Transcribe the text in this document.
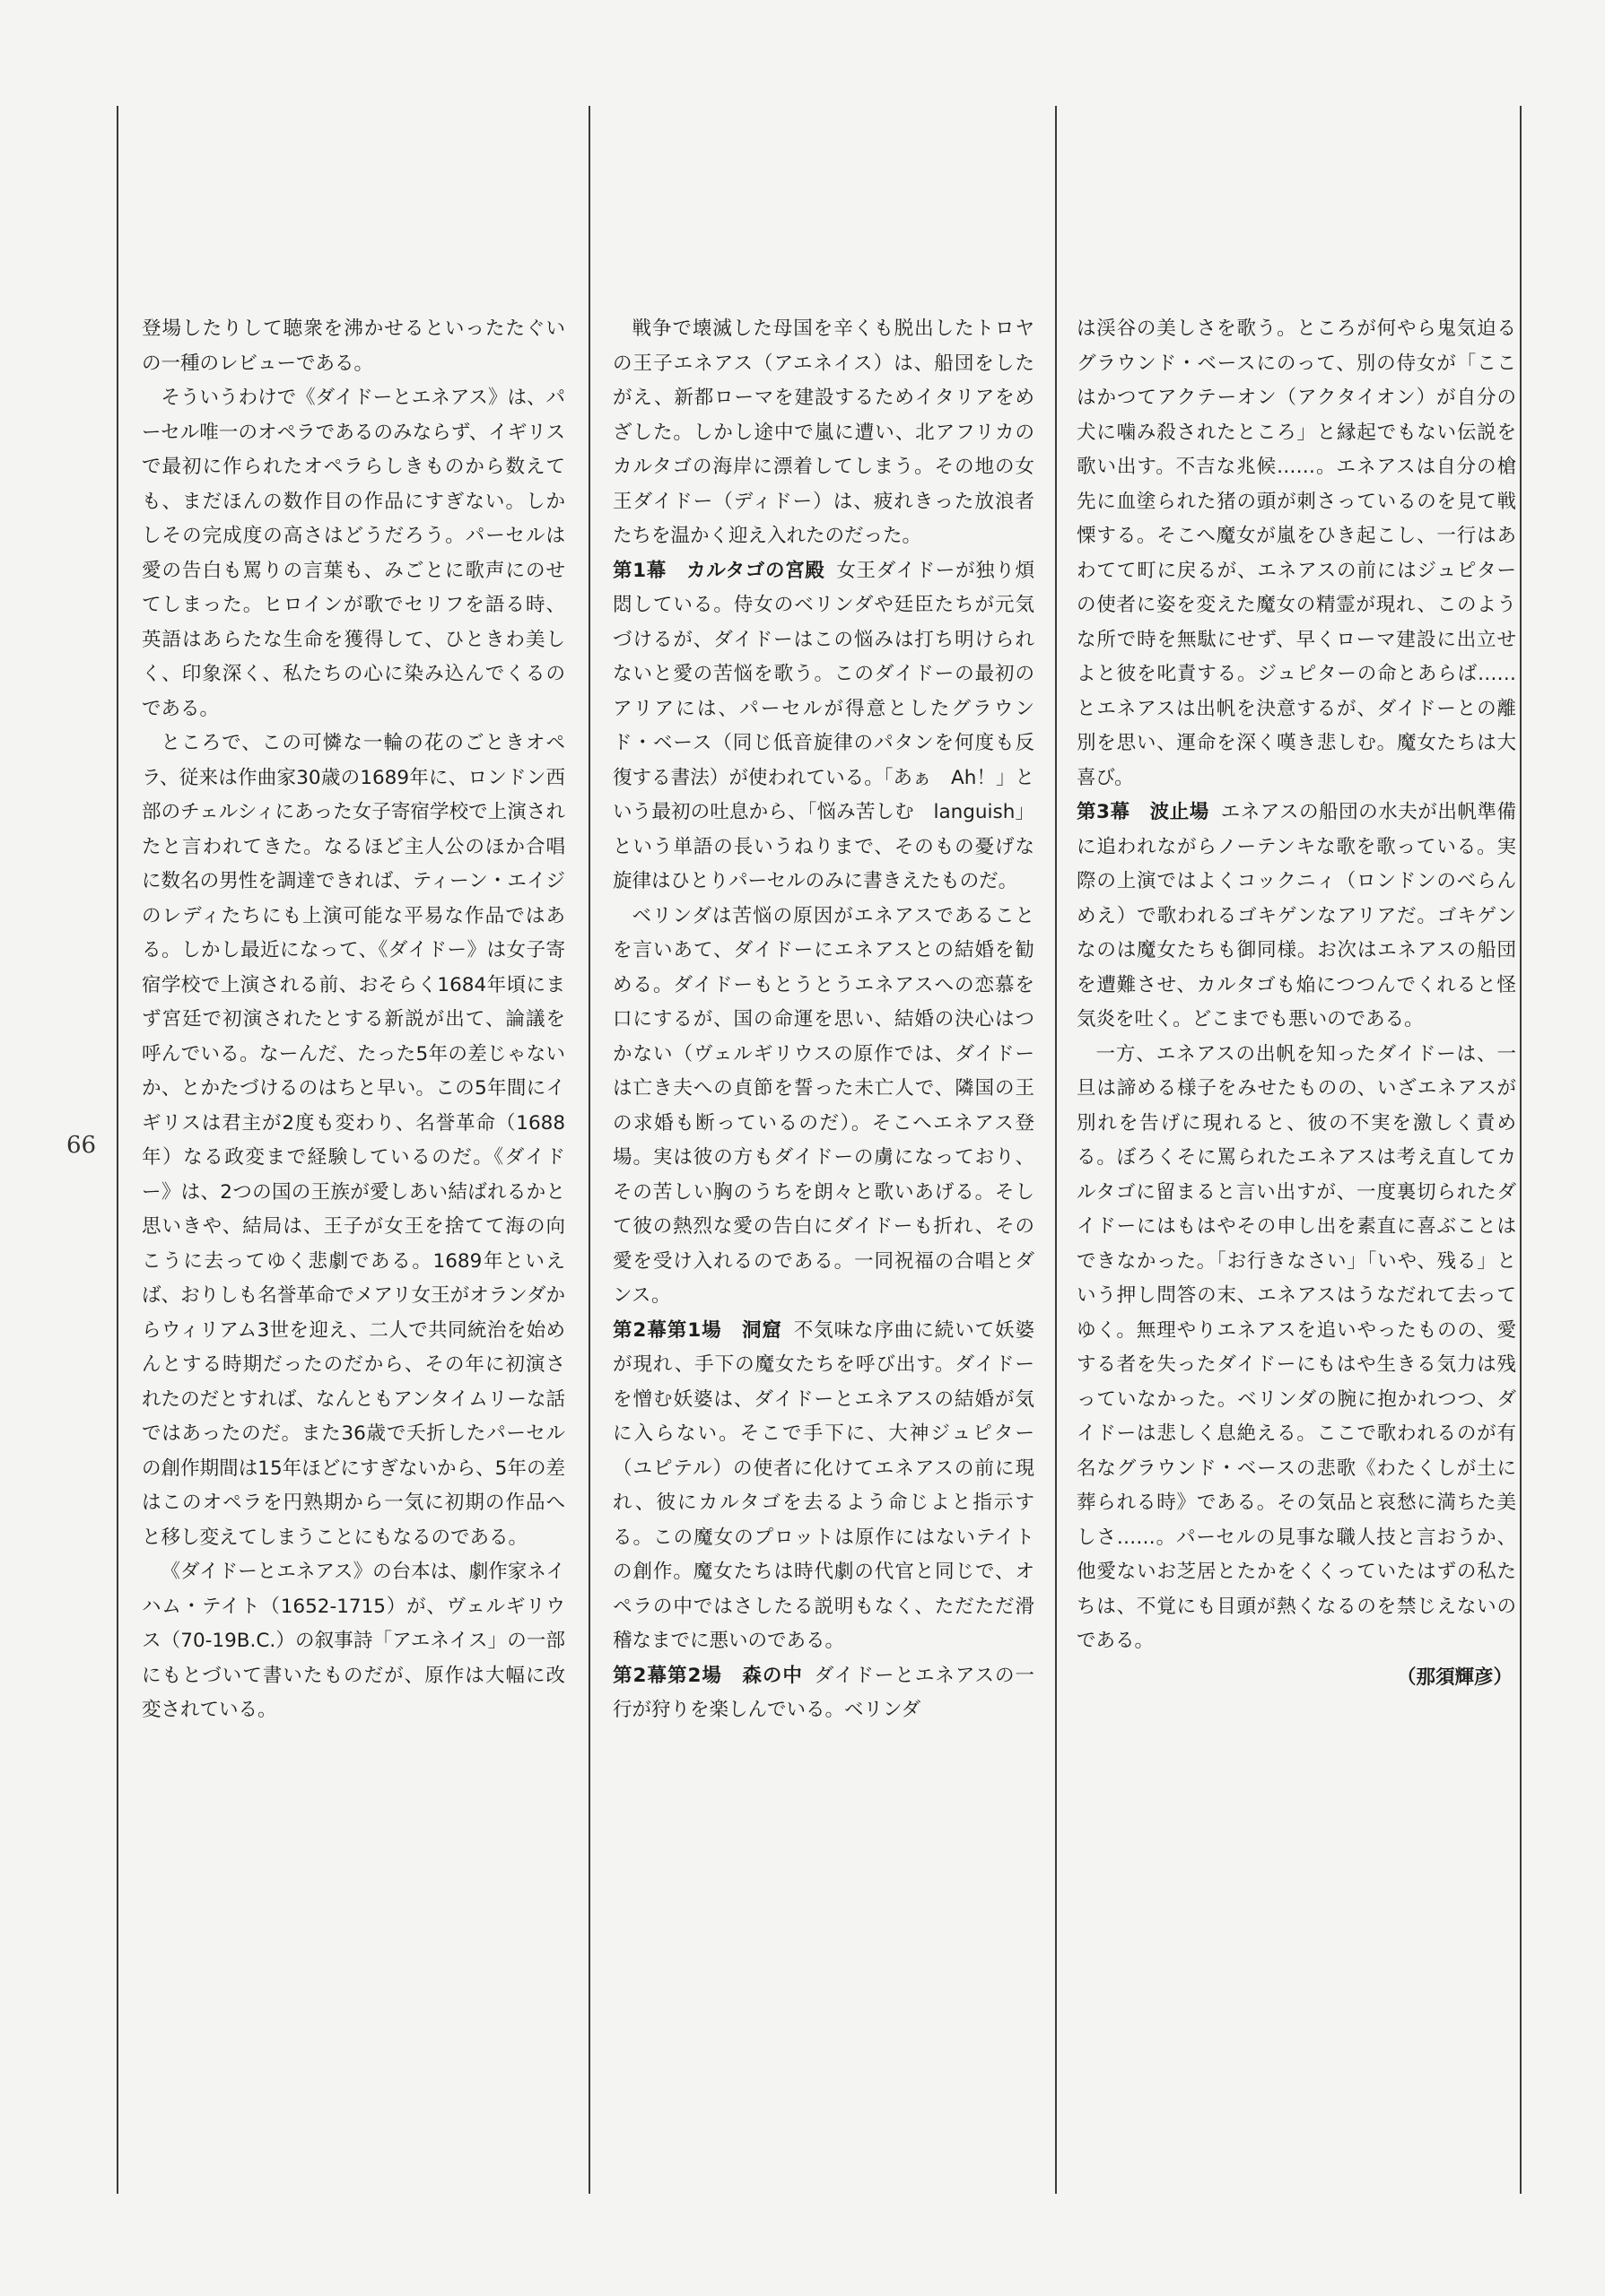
66

登場したりして聴衆を沸かせるといったたぐいの一種のレビューである。

そういうわけで《ダイドーとエネアス》は、パーセル唯一のオペラであるのみならず、イギリスで最初に作られたオペラらしきものから数えても、まだほんの数作目の作品にすぎない。しかしその完成度の高さはどうだろう。パーセルは愛の告白も罵りの言葉も、みごとに歌声にのせてしまった。ヒロインが歌でセリフを語る時、英語はあらたな生命を獲得して、ひときわ美しく、印象深く、私たちの心に染み込んでくるのである。

ところで、この可憐な一輪の花のごときオペラ、従来は作曲家30歳の1689年に、ロンドン西部のチェルシィにあった女子寄宿学校で上演されたと言われてきた。なるほど主人公のほか合唱に数名の男性を調達できれば、ティーン・エイジのレディたちにも上演可能な平易な作品ではある。しかし最近になって、《ダイドー》は女子寄宿学校で上演される前、おそらく1684年頃にまず宮廷で初演されたとする新説が出て、論議を呼んでいる。なーんだ、たった5年の差じゃないか、とかたづけるのはちと早い。この5年間にイギリスは君主が2度も変わり、名誉革命（1688年）なる政変まで経験しているのだ。《ダイドー》は、2つの国の王族が愛しあい結ばれるかと思いきや、結局は、王子が女王を捨てて海の向こうに去ってゆく悲劇である。1689年といえば、おりしも名誉革命でメアリ女王がオランダからウィリアム3世を迎え、二人で共同統治を始めんとする時期だったのだから、その年に初演されたのだとすれば、なんともアンタイムリーな話ではあったのだ。また36歳で夭折したパーセルの創作期間は15年ほどにすぎないから、5年の差はこのオペラを円熟期から一気に初期の作品へと移し変えてしまうことにもなるのである。

《ダイドーとエネアス》の台本は、劇作家ネイハム・テイト（1652-1715）が、ヴェルギリウス（70-19B.C.）の叙事詩「アエネイス」の一部にもとづいて書いたものだが、原作は大幅に改変されている。

戦争で壊滅した母国を辛くも脱出したトロヤの王子エネアス（アエネイス）は、船団をしたがえ、新都ローマを建設するためイタリアをめざした。しかし途中で嵐に遭い、北アフリカのカルタゴの海岸に漂着してしまう。その地の女王ダイドー（ディドー）は、疲れきった放浪者たちを温かく迎え入れたのだった。

第1幕　カルタゴの宮殿 女王ダイドーが独り煩悶している。侍女のベリンダや廷臣たちが元気づけるが、ダイドーはこの悩みは打ち明けられないと愛の苦悩を歌う。このダイドーの最初のアリアには、パーセルが得意としたグラウンド・ベース（同じ低音旋律のパタンを何度も反復する書法）が使われている。「あぁ　Ah！」という最初の吐息から、「悩み苦しむ　languish」という単語の長いうねりまで、そのもの憂げな旋律はひとりパーセルのみに書きえたものだ。

ベリンダは苦悩の原因がエネアスであることを言いあて、ダイドーにエネアスとの結婚を勧める。ダイドーもとうとうエネアスへの恋慕を口にするが、国の命運を思い、結婚の決心はつかない（ヴェルギリウスの原作では、ダイドーは亡き夫への貞節を誓った未亡人で、隣国の王の求婚も断っているのだ）。そこへエネアス登場。実は彼の方もダイドーの虜になっており、その苦しい胸のうちを朗々と歌いあげる。そして彼の熱烈な愛の告白にダイドーも折れ、その愛を受け入れるのである。一同祝福の合唱とダンス。

第2幕第1場　洞窟 不気味な序曲に続いて妖婆が現れ、手下の魔女たちを呼び出す。ダイドーを憎む妖婆は、ダイドーとエネアスの結婚が気に入らない。そこで手下に、大神ジュピター（ユピテル）の使者に化けてエネアスの前に現れ、彼にカルタゴを去るよう命じよと指示する。この魔女のプロットは原作にはないテイトの創作。魔女たちは時代劇の代官と同じで、オペラの中ではさしたる説明もなく、ただただ滑稽なまでに悪いのである。

第2幕第2場　森の中 ダイドーとエネアスの一行が狩りを楽しんでいる。ベリンダ

は渓谷の美しさを歌う。ところが何やら鬼気迫るグラウンド・ベースにのって、別の侍女が「ここはかつてアクテーオン（アクタイオン）が自分の犬に噛み殺されたところ」と縁起でもない伝説を歌い出す。不吉な兆候……。エネアスは自分の槍先に血塗られた猪の頭が刺さっているのを見て戦慄する。そこへ魔女が嵐をひき起こし、一行はあわてて町に戻るが、エネアスの前にはジュピターの使者に姿を変えた魔女の精霊が現れ、このような所で時を無駄にせず、早くローマ建設に出立せよと彼を叱責する。ジュピターの命とあらば……とエネアスは出帆を決意するが、ダイドーとの離別を思い、運命を深く嘆き悲しむ。魔女たちは大喜び。

第3幕　波止場 エネアスの船団の水夫が出帆準備に追われながらノーテンキな歌を歌っている。実際の上演ではよくコックニィ（ロンドンのべらんめえ）で歌われるゴキゲンなアリアだ。ゴキゲンなのは魔女たちも御同様。お次はエネアスの船団を遭難させ、カルタゴも焔につつんでくれると怪気炎を吐く。どこまでも悪いのである。

一方、エネアスの出帆を知ったダイドーは、一旦は諦める様子をみせたものの、いざエネアスが別れを告げに現れると、彼の不実を激しく責める。ぼろくそに罵られたエネアスは考え直してカルタゴに留まると言い出すが、一度裏切られたダイドーにはもはやその申し出を素直に喜ぶことはできなかった。「お行きなさい」「いや、残る」という押し問答の末、エネアスはうなだれて去ってゆく。無理やりエネアスを追いやったものの、愛する者を失ったダイドーにもはや生きる気力は残っていなかった。ベリンダの腕に抱かれつつ、ダイドーは悲しく息絶える。ここで歌われるのが有名なグラウンド・ベースの悲歌《わたくしが土に葬られる時》である。その気品と哀愁に満ちた美しさ……。パーセルの見事な職人技と言おうか、他愛ないお芝居とたかをくくっていたはずの私たちは、不覚にも目頭が熱くなるのを禁じえないのである。

（那須輝彦）
